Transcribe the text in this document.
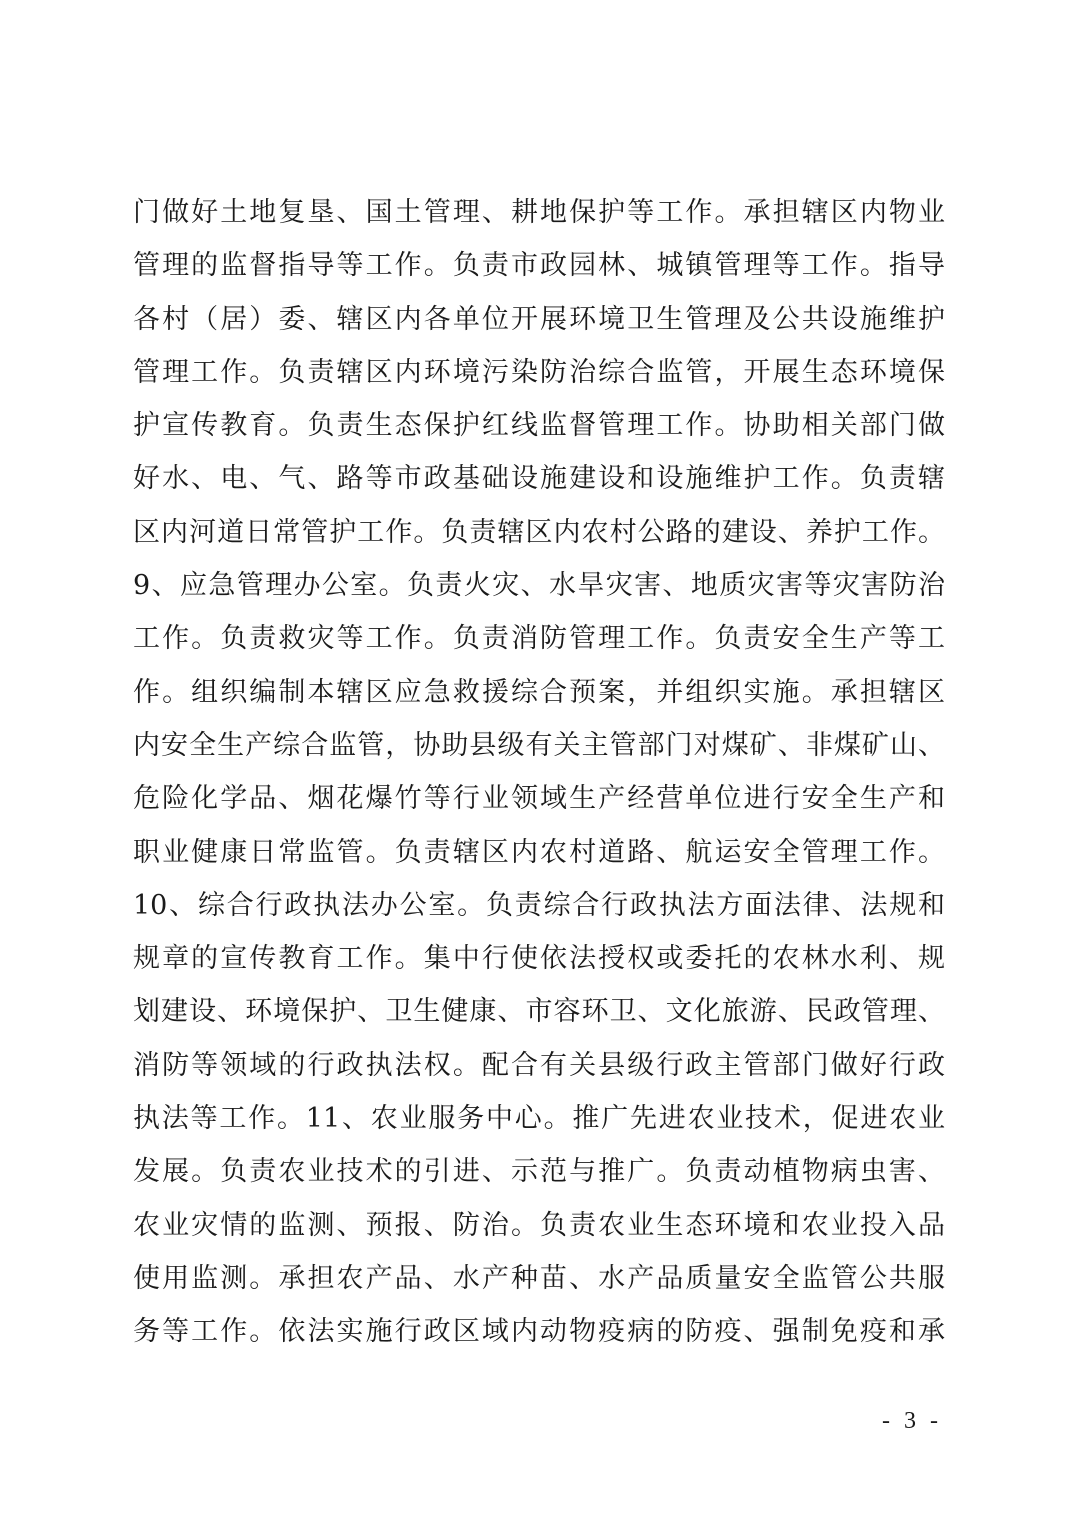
门做好土地复垦、国土管理、耕地保护等工作。承担辖区内物业
管理的监督指导等工作。负责市政园林、城镇管理等工作。指导
各村（居）委、辖区内各单位开展环境卫生管理及公共设施维护
管理工作。负责辖区内环境污染防治综合监管，开展生态环境保
护宣传教育。负责生态保护红线监督管理工作。协助相关部门做
好水、电、气、路等市政基础设施建设和设施维护工作。负责辖
区内河道日常管护工作。负责辖区内农村公路的建设、养护工作。
9、应急管理办公室。负责火灾、水旱灾害、地质灾害等灾害防治
工作。负责救灾等工作。负责消防管理工作。负责安全生产等工
作。组织编制本辖区应急救援综合预案，并组织实施。承担辖区
内安全生产综合监管，协助县级有关主管部门对煤矿、非煤矿山、
危险化学品、烟花爆竹等行业领域生产经营单位进行安全生产和
职业健康日常监管。负责辖区内农村道路、航运安全管理工作。
10、综合行政执法办公室。负责综合行政执法方面法律、法规和
规章的宣传教育工作。集中行使依法授权或委托的农林水利、规
划建设、环境保护、卫生健康、市容环卫、文化旅游、民政管理、
消防等领域的行政执法权。配合有关县级行政主管部门做好行政
执法等工作。11、农业服务中心。推广先进农业技术，促进农业
发展。负责农业技术的引进、示范与推广。负责动植物病虫害、
农业灾情的监测、预报、防治。负责农业生态环境和农业投入品
使用监测。承担农产品、水产种苗、水产品质量安全监管公共服
务等工作。依法实施行政区域内动物疫病的防疫、强制免疫和承
- 3 -
